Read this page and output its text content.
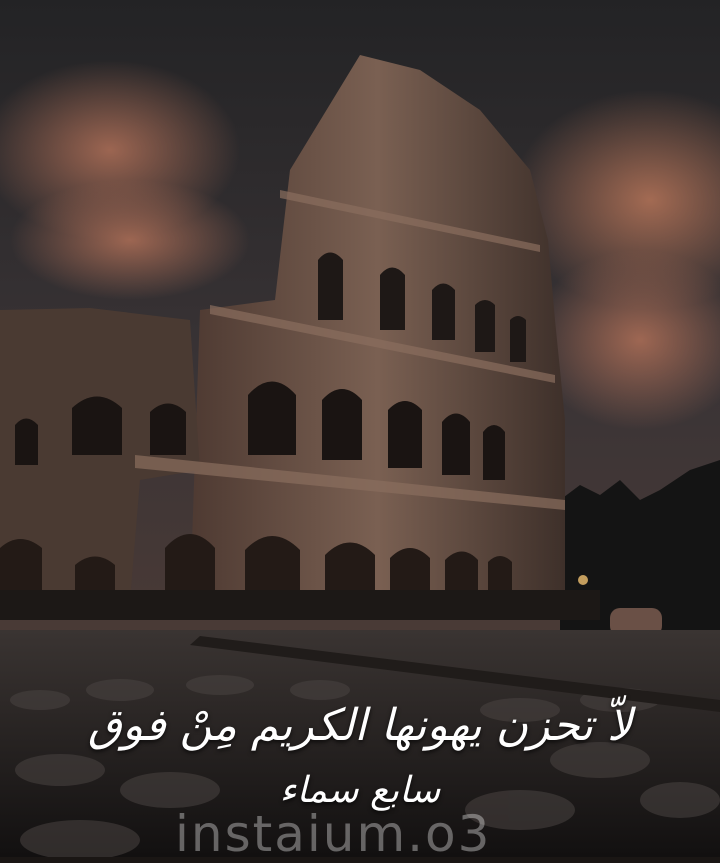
لاّ تحزن يهونها الكريم مِنْ فوق
سابع سماء
instaium.o3
